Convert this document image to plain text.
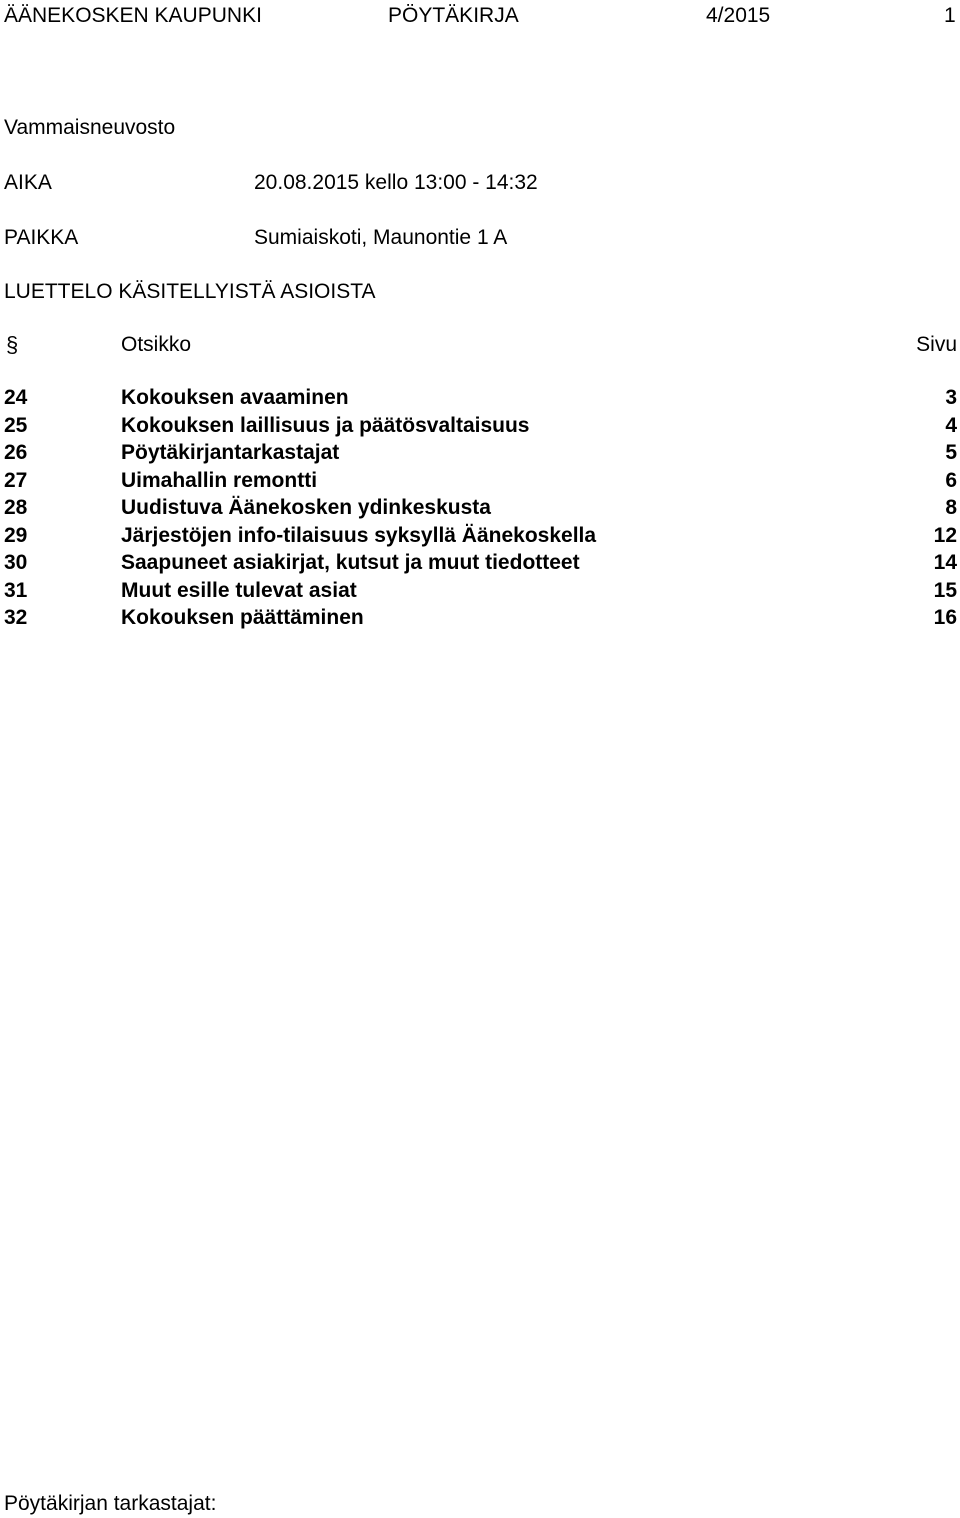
ÄÄNEKOSKEN KAUPUNKI	PÖYTÄKIRJA	4/2015	1
Vammaisneuvosto
AIKA	20.08.2015 kello 13:00 - 14:32
PAIKKA	Sumiaiskoti, Maunontie 1 A
LUETTELO KÄSITELLYISTÄ ASIOISTA
§	Otsikko	Sivu
24	Kokouksen avaaminen	3
25	Kokouksen laillisuus ja päätösvaltaisuus	4
26	Pöytäkirjantarkastajat	5
27	Uimahallin remontti	6
28	Uudistuva Äänekosken ydinkeskusta	8
29	Järjestöjen info-tilaisuus syksyllä Äänekoskella	12
30	Saapuneet asiakirjat, kutsut ja muut tiedotteet	14
31	Muut esille tulevat asiat	15
32	Kokouksen päättäminen	16
Pöytäkirjan tarkastajat:
